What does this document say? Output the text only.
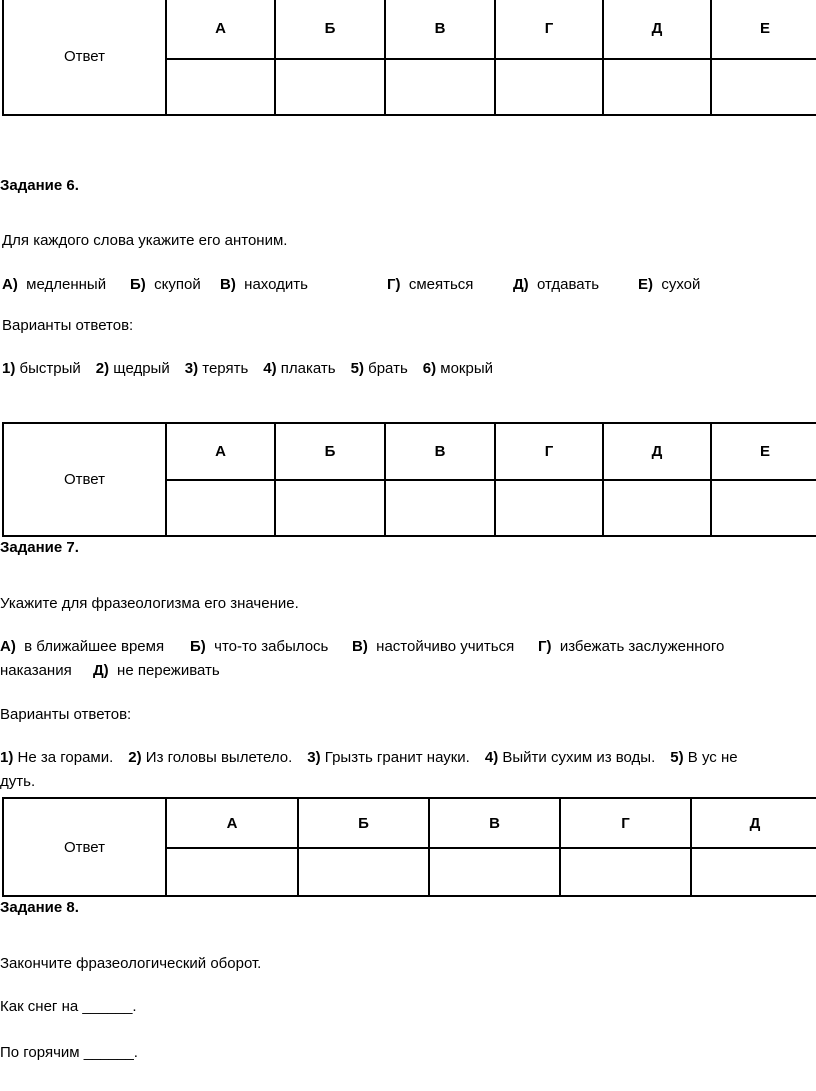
Ответ	А	Б	В	Г	Д	Е

Задание 6.
Для каждого слова укажите его антоним.
А) медленный Б) скупой В) находить	Г) смеяться	Д) отдавать	Е) сухой
Варианты ответов:
1) быстрый 2) щедрый 3) терять 4) плакать 5) брать 6) мокрый
Ответ	А	Б	В	Г	Д	Е

Задание 7.
Укажите для фразеологизма его значение.
А) в ближайшее время Б) что-то забылось В) настойчиво учиться Г) избежать заслуженного
наказания Д) не переживать
Варианты ответов:
1) Не за горами. 2) Из головы вылетело. 3) Грызть гранит науки. 4) Выйти сухим из воды. 5) В ус не
дуть.
Ответ	А	Б	В	Г	Д

Задание 8.
Закончите фразеологический оборот.
Как снег на ______.
По горячим ______.
